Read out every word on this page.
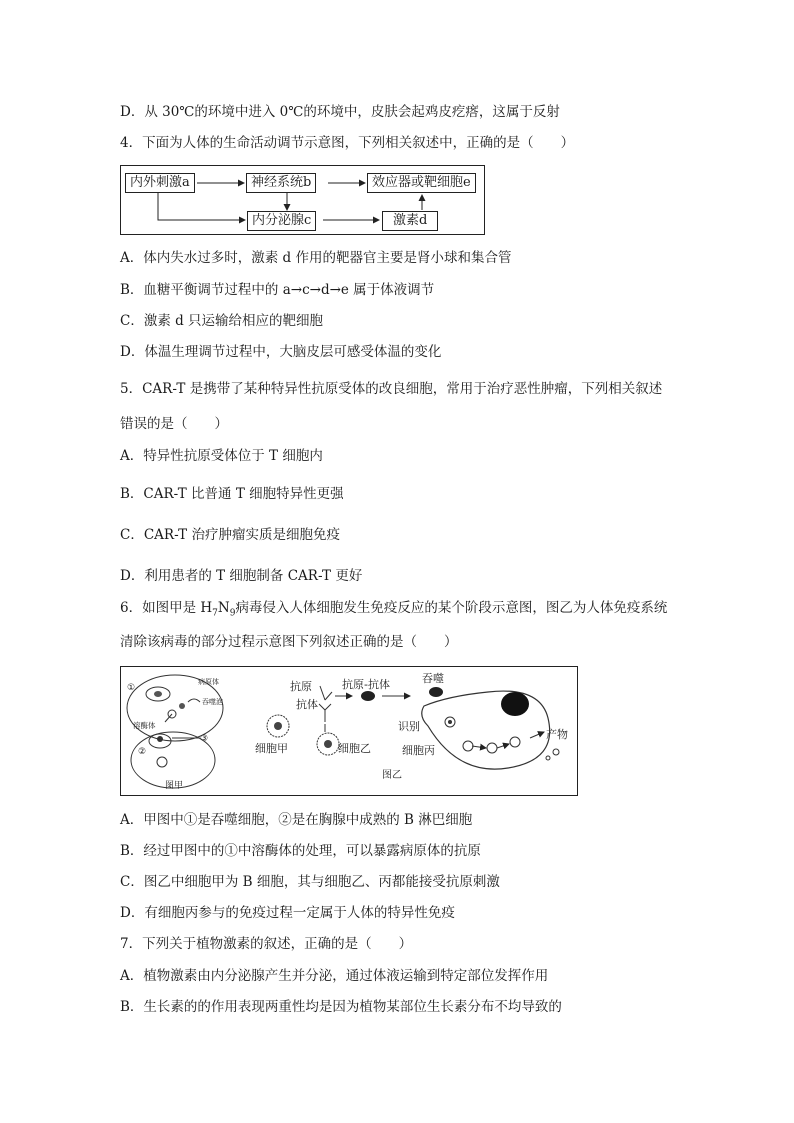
D．从 30℃的环境中进入 0℃的环境中，皮肤会起鸡皮疙瘩，这属于反射
4．下面为人体的生命活动调节示意图，下列相关叙述中，正确的是（　　）
内外刺激a	神经系统b	效应器或靶细胞e
内分泌腺c	激素d
A．体内失水过多时，激素 d 作用的靶器官主要是肾小球和集合管
B．血糖平衡调节过程中的 a→c→d→e 属于体液调节
C．激素 d 只运输给相应的靶细胞
D．体温生理调节过程中，大脑皮层可感受体温的变化
5．CAR-T 是携带了某种特异性抗原受体的改良细胞，常用于治疗恶性肿瘤，下列相关叙述
错误的是（　　）
A．特异性抗原受体位于 T 细胞内
B．CAR-T 比普通 T 细胞特异性更强
C．CAR-T 治疗肿瘤实质是细胞免疫
D．利用患者的 T 细胞制备 CAR-T 更好
6．如图甲是 $H_7N_9$病毒侵入人体细胞发生免疫反应的某个阶段示意图，图乙为人体免疫系统
清除该病毒的部分过程示意图下列叙述正确的是（　　）
①
病原体
吞噬泡
溶酶体
②
③
图甲
抗原	抗原-抗体	吞噬
抗体
细胞甲	细胞乙
识别
细胞丙
产物
图乙
A．甲图中①是吞噬细胞，②是在胸腺中成熟的 B 淋巴细胞
B．经过甲图中的①中溶酶体的处理，可以暴露病原体的抗原
C．图乙中细胞甲为 B 细胞，其与细胞乙、丙都能接受抗原刺激
D．有细胞丙参与的免疫过程一定属于人体的特异性免疫
7．下列关于植物激素的叙述，正确的是（　　）
A．植物激素由内分泌腺产生并分泌，通过体液运输到特定部位发挥作用
B．生长素的的作用表现两重性均是因为植物某部位生长素分布不均导致的
